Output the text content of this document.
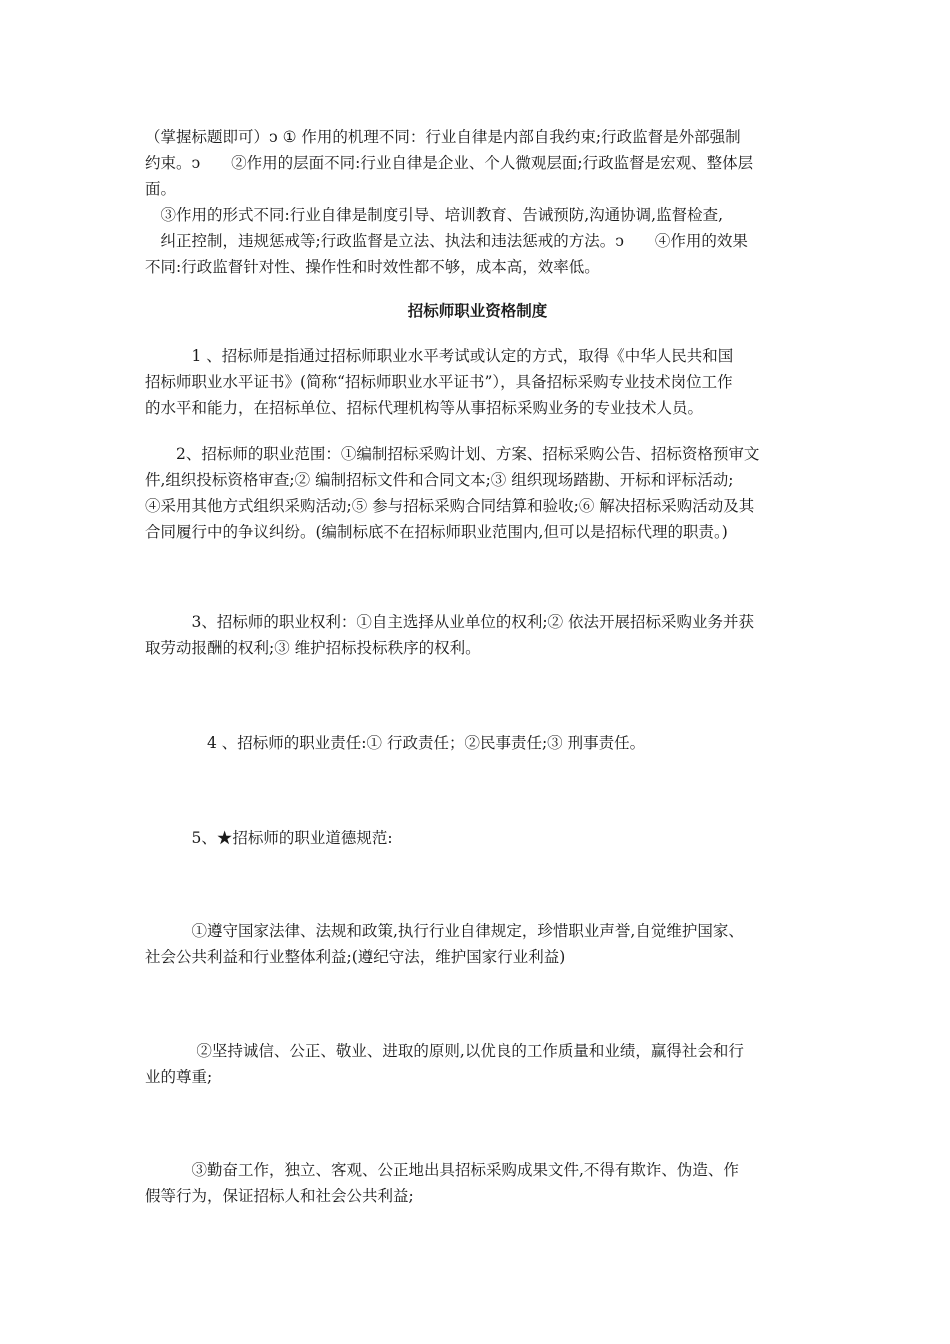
（掌握标题即可）ↄ ① 作用的机理不同：行业自律是内部自我约束;行政监督是外部强制
约束。ↄ　　②作用的层面不同:行业自律是企业、个人微观层面;行政监督是宏观、整体层
面。
　③作用的形式不同:行业自律是制度引导、培训教育、告诫预防,沟通协调,监督检查,
　纠正控制，违规惩戒等;行政监督是立法、执法和违法惩戒的方法。ↄ　　④作用的效果
不同:行政监督针对性、操作性和时效性都不够，成本高，效率低。

招标师职业资格制度

　　　1 、招标师是指通过招标师职业水平考试或认定的方式，取得《中华人民共和国
招标师职业水平证书》(简称“招标师职业水平证书”），具备招标采购专业技术岗位工作
的水平和能力，在招标单位、招标代理机构等从事招标采购业务的专业技术人员。

　　2、招标师的职业范围：①编制招标采购计划、方案、招标采购公告、招标资格预审文
件,组织投标资格审查;② 编制招标文件和合同文本;③ 组织现场踏勘、开标和评标活动;
④采用其他方式组织采购活动;⑤ 参与招标采购合同结算和验收;⑥ 解决招标采购活动及其
合同履行中的争议纠纷。(编制标底不在招标师职业范围内,但可以是招标代理的职责。)

　　　3、招标师的职业权利：①自主选择从业单位的权利;② 依法开展招标采购业务并获
取劳动报酬的权利;③ 维护招标投标秩序的权利。

　　　　4 、招标师的职业责任:① 行政责任；②民事责任;③ 刑事责任。

　　　5、★招标师的职业道德规范:

　　　①遵守国家法律、法规和政策,执行行业自律规定，珍惜职业声誉,自觉维护国家、
社会公共利益和行业整体利益;(遵纪守法，维护国家行业利益)

　　　 ②坚持诚信、公正、敬业、进取的原则,以优良的工作质量和业绩，赢得社会和行
业的尊重;

　　　③勤奋工作，独立、客观、公正地出具招标采购成果文件,不得有欺诈、伪造、作
假等行为，保证招标人和社会公共利益;
